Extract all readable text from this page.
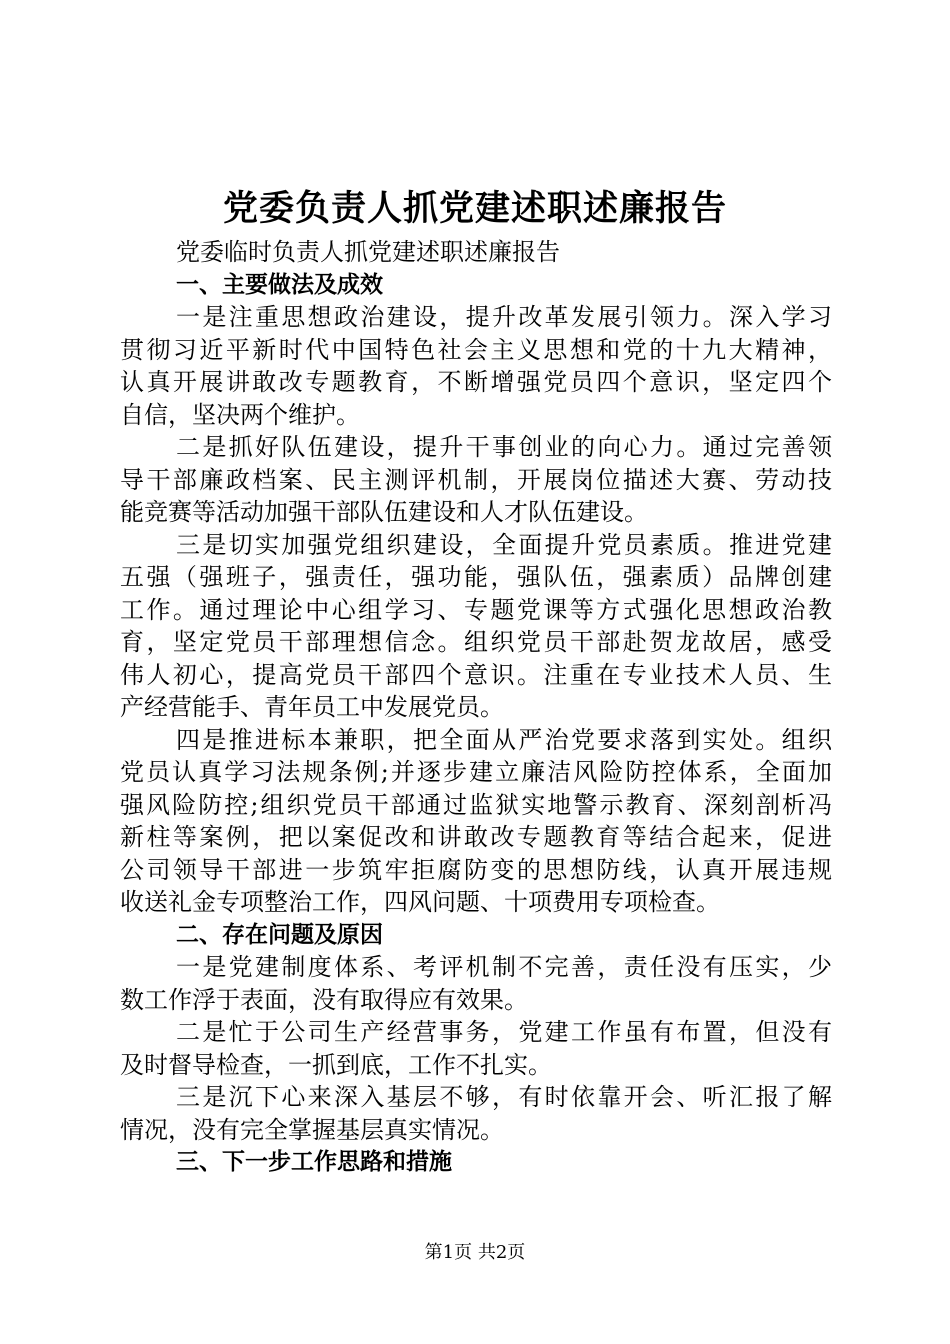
党委负责人抓党建述职述廉报告
党委临时负责人抓党建述职述廉报告
一、主要做法及成效
一是注重思想政治建设，提升改革发展引领力。深入学习
贯彻习近平新时代中国特色社会主义思想和党的十九大精神，
认真开展讲敢改专题教育，不断增强党员四个意识，坚定四个
自信，坚决两个维护。
二是抓好队伍建设，提升干事创业的向心力。通过完善领
导干部廉政档案、民主测评机制，开展岗位描述大赛、劳动技
能竞赛等活动加强干部队伍建设和人才队伍建设。
三是切实加强党组织建设，全面提升党员素质。推进党建
五强（强班子，强责任，强功能，强队伍，强素质）品牌创建
工作。通过理论中心组学习、专题党课等方式强化思想政治教
育，坚定党员干部理想信念。组织党员干部赴贺龙故居，感受
伟人初心，提高党员干部四个意识。注重在专业技术人员、生
产经营能手、青年员工中发展党员。
四是推进标本兼职，把全面从严治党要求落到实处。组织
党员认真学习法规条例;并逐步建立廉洁风险防控体系，全面加
强风险防控;组织党员干部通过监狱实地警示教育、深刻剖析冯
新柱等案例，把以案促改和讲敢改专题教育等结合起来，促进
公司领导干部进一步筑牢拒腐防变的思想防线，认真开展违规
收送礼金专项整治工作，四风问题、十项费用专项检查。
二、存在问题及原因
一是党建制度体系、考评机制不完善，责任没有压实，少
数工作浮于表面，没有取得应有效果。
二是忙于公司生产经营事务，党建工作虽有布置，但没有
及时督导检查，一抓到底，工作不扎实。
三是沉下心来深入基层不够，有时依靠开会、听汇报了解
情况，没有完全掌握基层真实情况。
三、下一步工作思路和措施
第1页 共2页
